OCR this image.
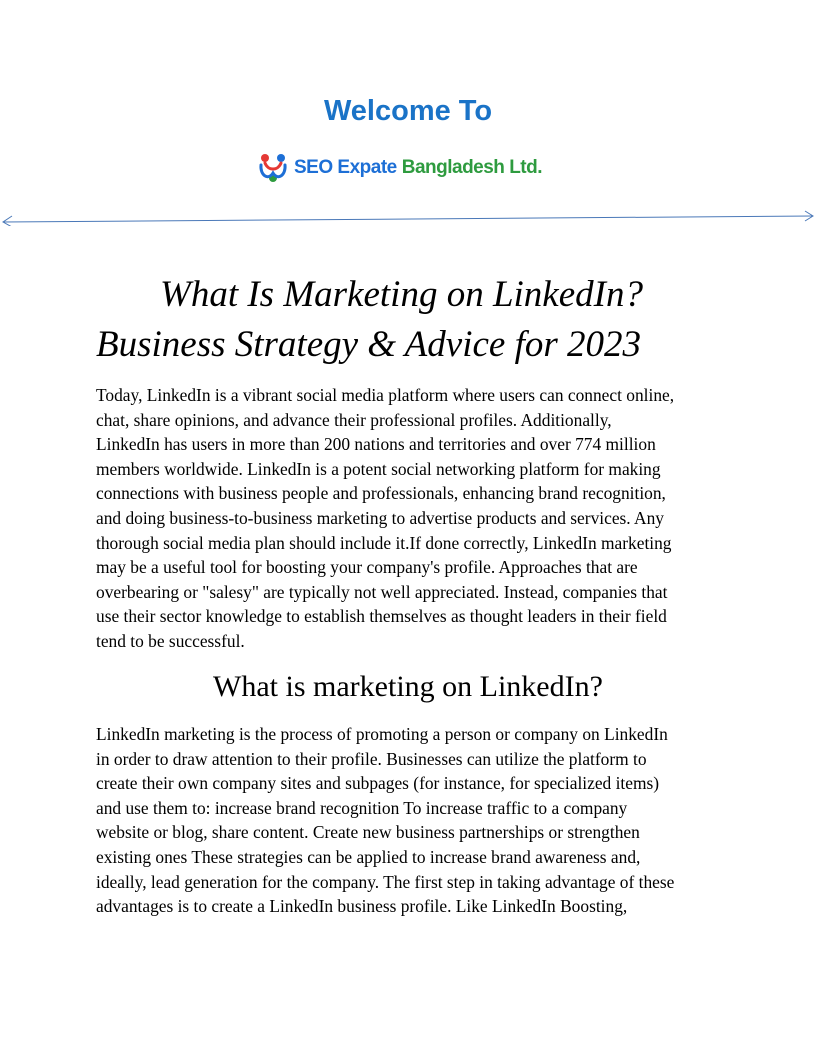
Welcome To
SEO Expate Bangladesh Ltd.
What Is Marketing on LinkedIn?
Business Strategy & Advice for 2023

Today, LinkedIn is a vibrant social media platform where users can connect online,
chat, share opinions, and advance their professional profiles. Additionally,
LinkedIn has users in more than 200 nations and territories and over 774 million
members worldwide. LinkedIn is a potent social networking platform for making
connections with business people and professionals, enhancing brand recognition,
and doing business-to-business marketing to advertise products and services. Any
thorough social media plan should include it.If done correctly, LinkedIn marketing
may be a useful tool for boosting your company's profile. Approaches that are
overbearing or "salesy" are typically not well appreciated. Instead, companies that
use their sector knowledge to establish themselves as thought leaders in their field
tend to be successful.

What is marketing on LinkedIn?

LinkedIn marketing is the process of promoting a person or company on LinkedIn
in order to draw attention to their profile. Businesses can utilize the platform to
create their own company sites and subpages (for instance, for specialized items)
and use them to: increase brand recognition To increase traffic to a company
website or blog, share content. Create new business partnerships or strengthen
existing ones These strategies can be applied to increase brand awareness and,
ideally, lead generation for the company. The first step in taking advantage of these
advantages is to create a LinkedIn business profile. Like LinkedIn Boosting,
